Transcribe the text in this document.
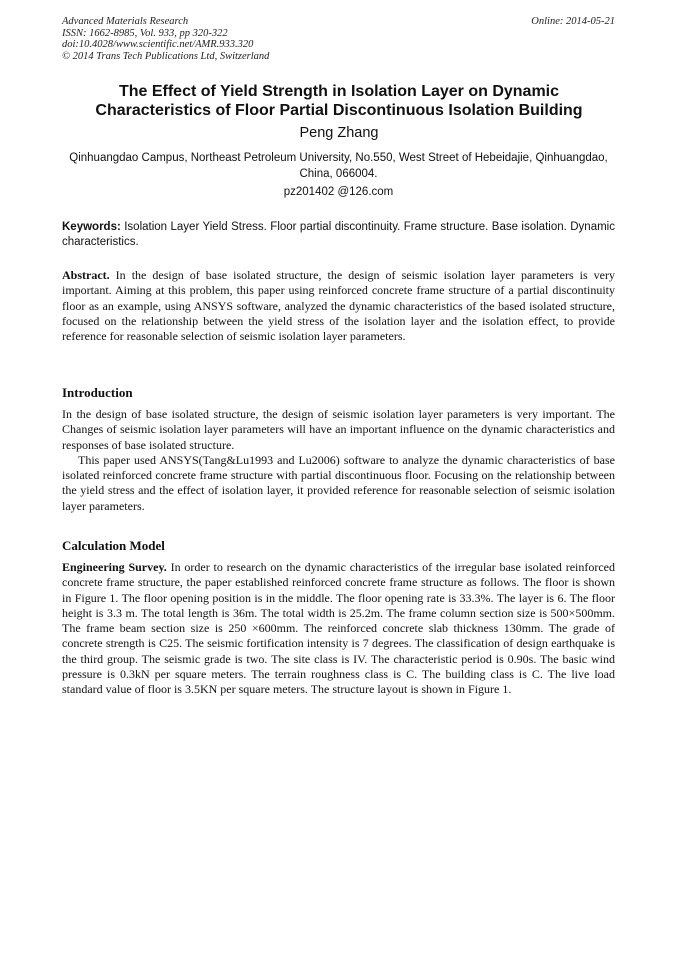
Advanced Materials Research
ISSN: 1662-8985, Vol. 933, pp 320-322
doi:10.4028/www.scientific.net/AMR.933.320
© 2014 Trans Tech Publications Ltd, Switzerland
Online: 2014-05-21
The Effect of Yield Strength in Isolation Layer on Dynamic
Characteristics of Floor Partial Discontinuous Isolation Building
Peng Zhang
Qinhuangdao Campus, Northeast Petroleum University, No.550, West Street of Hebeidajie, Qinhuangdao, China, 066004.
pz201402 @126.com
Keywords: Isolation Layer Yield Stress. Floor partial discontinuity. Frame structure. Base isolation. Dynamic characteristics.

Abstract. In the design of base isolated structure, the design of seismic isolation layer parameters is very important. Aiming at this problem, this paper using reinforced concrete frame structure of a partial discontinuity floor as an example, using ANSYS software, analyzed the dynamic characteristics of the based isolated structure, focused on the relationship between the yield stress of the isolation layer and the isolation effect, to provide reference for reasonable selection of seismic isolation layer parameters.

Introduction

In the design of base isolated structure, the design of seismic isolation layer parameters is very important. The Changes of seismic isolation layer parameters will have an important influence on the dynamic characteristics and responses of base isolated structure.

This paper used ANSYS(Tang&Lu1993 and Lu2006) software to analyze the dynamic characteristics of base isolated reinforced concrete frame structure with partial discontinuous floor. Focusing on the relationship between the yield stress and the effect of isolation layer, it provided reference for reasonable selection of seismic isolation layer parameters.

Calculation Model

Engineering Survey. In order to research on the dynamic characteristics of the irregular base isolated reinforced concrete frame structure, the paper established reinforced concrete frame structure as follows. The floor is shown in Figure 1. The floor opening position is in the middle. The floor opening rate is 33.3%. The layer is 6. The floor height is 3.3 m. The total length is 36m. The total width is 25.2m. The frame column section size is 500×500mm. The frame beam section size is 250 ×600mm. The reinforced concrete slab thickness 130mm. The grade of concrete strength is C25. The seismic fortification intensity is 7 degrees. The classification of design earthquake is the third group. The seismic grade is two. The site class is IV. The characteristic period is 0.90s. The basic wind pressure is 0.3kN per square meters. The terrain roughness class is C. The building class is C. The live load standard value of floor is 3.5KN per square meters. The structure layout is shown in Figure 1.
